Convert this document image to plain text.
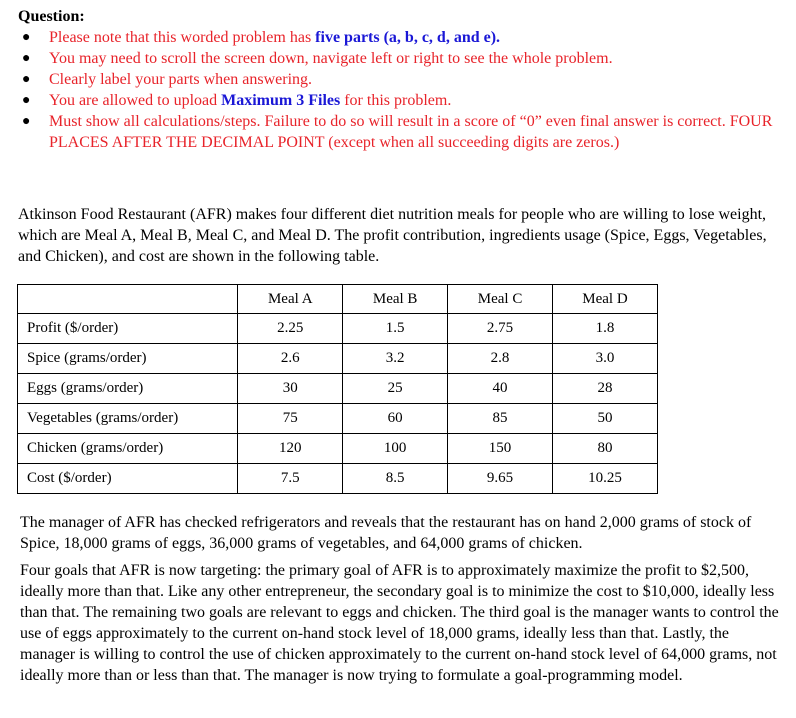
Question:
● Please note that this worded problem has five parts (a, b, c, d, and e).
● You may need to scroll the screen down, navigate left or right to see the whole problem.
● Clearly label your parts when answering.
● You are allowed to upload Maximum 3 Files for this problem.
● Must show all calculations/steps. Failure to do so will result in a score of “0” even final answer is correct. FOUR PLACES AFTER THE DECIMAL POINT (except when all succeeding digits are zeros.)

Atkinson Food Restaurant (AFR) makes four different diet nutrition meals for people who are willing to lose weight, which are Meal A, Meal B, Meal C, and Meal D. The profit contribution, ingredients usage (Spice, Eggs, Vegetables, and Chicken), and cost are shown in the following table.

	Meal A	Meal B	Meal C	Meal D
Profit ($/order)	2.25	1.5	2.75	1.8
Spice (grams/order)	2.6	3.2	2.8	3.0
Eggs (grams/order)	30	25	40	28
Vegetables (grams/order)	75	60	85	50
Chicken (grams/order)	120	100	150	80
Cost ($/order)	7.5	8.5	9.65	10.25

The manager of AFR has checked refrigerators and reveals that the restaurant has on hand 2,000 grams of stock of Spice, 18,000 grams of eggs, 36,000 grams of vegetables, and 64,000 grams of chicken.

Four goals that AFR is now targeting: the primary goal of AFR is to approximately maximize the profit to $2,500, ideally more than that. Like any other entrepreneur, the secondary goal is to minimize the cost to $10,000, ideally less than that. The remaining two goals are relevant to eggs and chicken. The third goal is the manager wants to control the use of eggs approximately to the current on-hand stock level of 18,000 grams, ideally less than that. Lastly, the manager is willing to control the use of chicken approximately to the current on-hand stock level of 64,000 grams, not ideally more than or less than that. The manager is now trying to formulate a goal-programming model.
